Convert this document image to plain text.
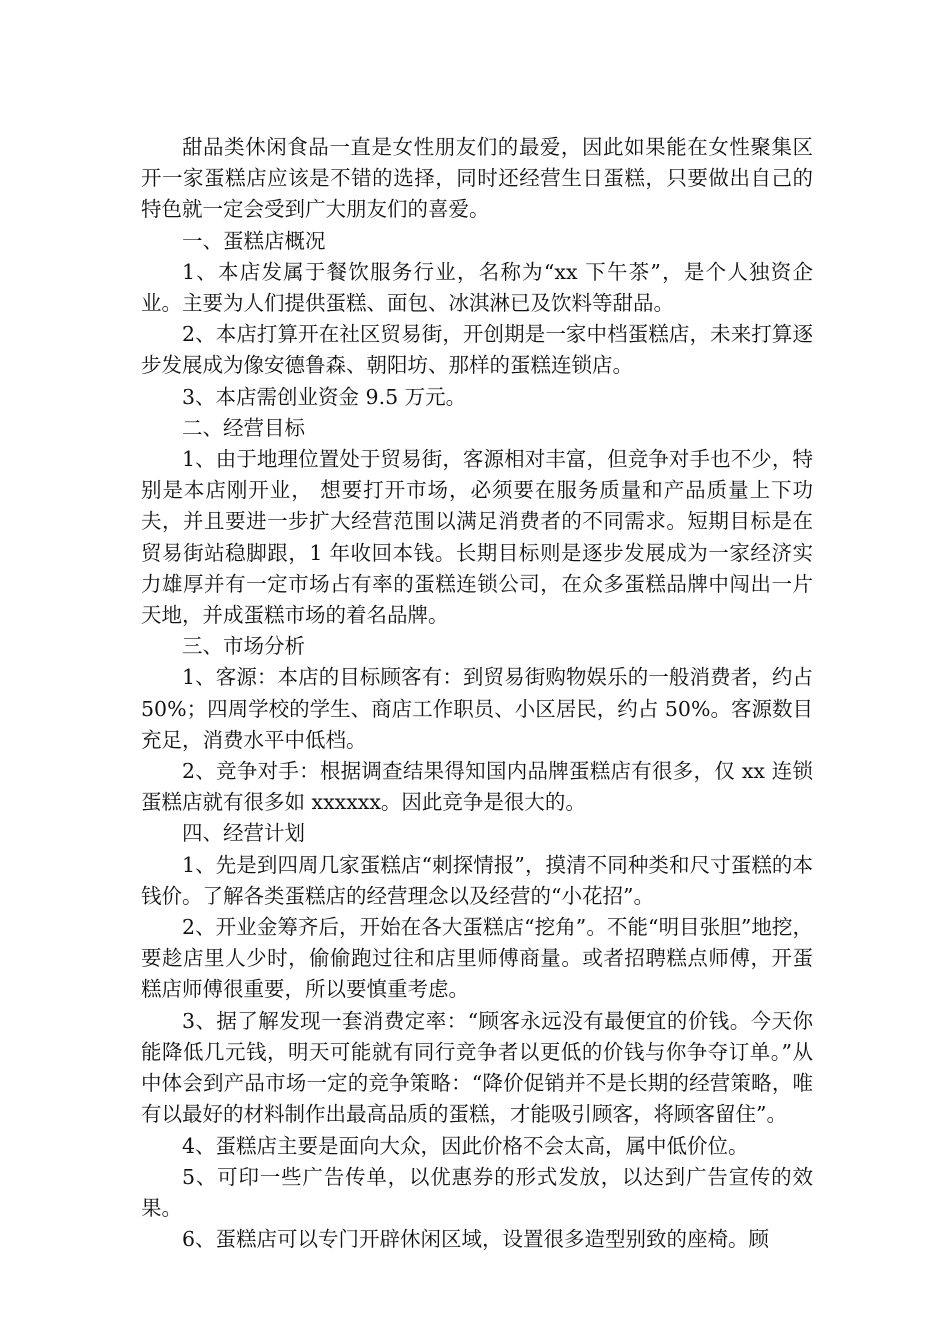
甜品类休闲食品一直是女性朋友们的最爱，因此如果能在女性聚集区开一家蛋糕店应该是不错的选择，同时还经营生日蛋糕，只要做出自己的特色就一定会受到广大朋友们的喜爱。

一、蛋糕店概况

1、本店发属于餐饮服务行业，名称为“xx 下午茶”，是个人独资企业。主要为人们提供蛋糕、面包、冰淇淋已及饮料等甜品。

2、本店打算开在社区贸易街，开创期是一家中档蛋糕店，未来打算逐步发展成为像安德鲁森、朝阳坊、那样的蛋糕连锁店。

3、本店需创业资金 9.5 万元。

二、经营目标

1、由于地理位置处于贸易街，客源相对丰富，但竞争对手也不少，特别是本店刚开业， 想要打开市场，必须要在服务质量和产品质量上下功夫，并且要进一步扩大经营范围以满足消费者的不同需求。短期目标是在贸易街站稳脚跟，1 年收回本钱。长期目标则是逐步发展成为一家经济实力雄厚并有一定市场占有率的蛋糕连锁公司，在众多蛋糕品牌中闯出一片天地，并成蛋糕市场的着名品牌。

三、市场分析

1、客源：本店的目标顾客有：到贸易街购物娱乐的一般消费者，约占 50%；四周学校的学生、商店工作职员、小区居民，约占 50%。客源数目充足，消费水平中低档。

2、竞争对手：根据调查结果得知国内品牌蛋糕店有很多，仅 xx 连锁蛋糕店就有很多如 xxxxxx。因此竞争是很大的。

四、经营计划

1、先是到四周几家蛋糕店“刺探情报”，摸清不同种类和尺寸蛋糕的本钱价。了解各类蛋糕店的经营理念以及经营的“小花招”。

2、开业金筹齐后，开始在各大蛋糕店“挖角”。不能“明目张胆”地挖，要趁店里人少时，偷偷跑过往和店里师傅商量。或者招聘糕点师傅，开蛋糕店师傅很重要，所以要慎重考虑。

3、据了解发现一套消费定率：“顾客永远没有最便宜的价钱。今天你能降低几元钱，明天可能就有同行竞争者以更低的价钱与你争夺订单。”从中体会到产品市场一定的竞争策略：“降价促销并不是长期的经营策略，唯有以最好的材料制作出最高品质的蛋糕，才能吸引顾客，将顾客留住”。

4、蛋糕店主要是面向大众，因此价格不会太高，属中低价位。

5、可印一些广告传单，以优惠券的形式发放，以达到广告宣传的效果。

6、蛋糕店可以专门开辟休闲区域，设置很多造型别致的座椅。顾
